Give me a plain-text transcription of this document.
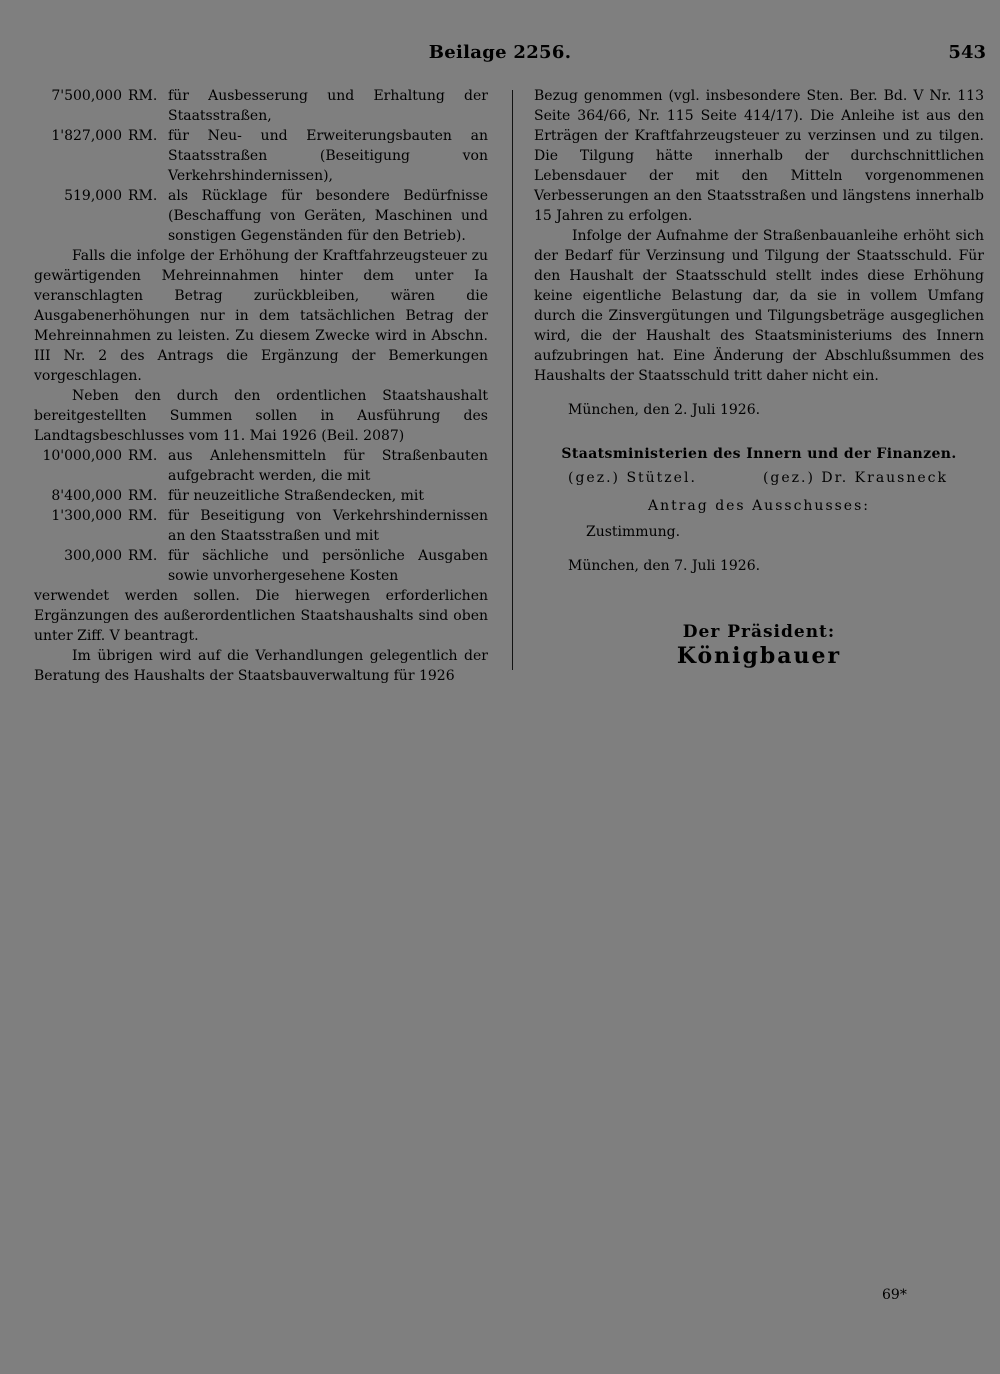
Beilage 2256.	543
7'500,000 RM. für Ausbesserung und Erhaltung der Staatsstraßen,
1'827,000 RM. für Neu- und Erweiterungsbauten an Staatsstraßen (Beseitigung von Verkehrshindernissen),
519,000 RM. als Rücklage für besondere Bedürfnisse (Beschaffung von Geräten, Maschinen und sonstigen Gegenständen für den Betrieb).

Falls die infolge der Erhöhung der Kraftfahrzeugsteuer zu gewärtigenden Mehreinnahmen hinter dem unter Ia veranschlagten Betrag zurückbleiben, wären die Ausgabenerhöhungen nur in dem tatsächlichen Betrag der Mehreinnahmen zu leisten. Zu diesem Zwecke wird in Abschn. III Nr. 2 des Antrags die Ergänzung der Bemerkungen vorgeschlagen.

Neben den durch den ordentlichen Staatshaushalt bereitgestellten Summen sollen in Ausführung des Landtagsbeschlusses vom 11. Mai 1926 (Beil. 2087)

10'000,000 RM. aus Anlehensmitteln für Straßenbauten aufgebracht werden, die mit
8'400,000 RM. für neuzeitliche Straßendecken, mit
1'300,000 RM. für Beseitigung von Verkehrshindernissen an den Staatsstraßen und mit
300,000 RM. für sächliche und persönliche Ausgaben sowie unvorhergesehene Kosten

verwendet werden sollen. Die hierwegen erforderlichen Ergänzungen des außerordentlichen Staatshaushalts sind oben unter Ziff. V beantragt.

Im übrigen wird auf die Verhandlungen gelegentlich der Beratung des Haushalts der Staatsbauverwaltung für 1926

Bezug genommen (vgl. insbesondere Sten. Ber. Bd. V Nr. 113 Seite 364/66, Nr. 115 Seite 414/17). Die Anleihe ist aus den Erträgen der Kraftfahrzeugsteuer zu verzinsen und zu tilgen. Die Tilgung hätte innerhalb der durchschnittlichen Lebensdauer der mit den Mitteln vorgenommenen Verbesserungen an den Staatsstraßen und längstens innerhalb 15 Jahren zu erfolgen.

Infolge der Aufnahme der Straßenbauanleihe erhöht sich der Bedarf für Verzinsung und Tilgung der Staatsschuld. Für den Haushalt der Staatsschuld stellt indes diese Erhöhung keine eigentliche Belastung dar, da sie in vollem Umfang durch die Zinsvergütungen und Tilgungsbeträge ausgeglichen wird, die der Haushalt des Staatsministeriums des Innern aufzubringen hat. Eine Änderung der Abschlußsummen des Haushalts der Staatsschuld tritt daher nicht ein.

München, den 2. Juli 1926.
Staatsministerien des Innern und der Finanzen.
(gez.) Stützel.	(gez.) Dr. Krausneck
Antrag des Ausschusses:
Zustimmung.
München, den 7. Juli 1926.
Der Präsident:
Königbauer
69*
